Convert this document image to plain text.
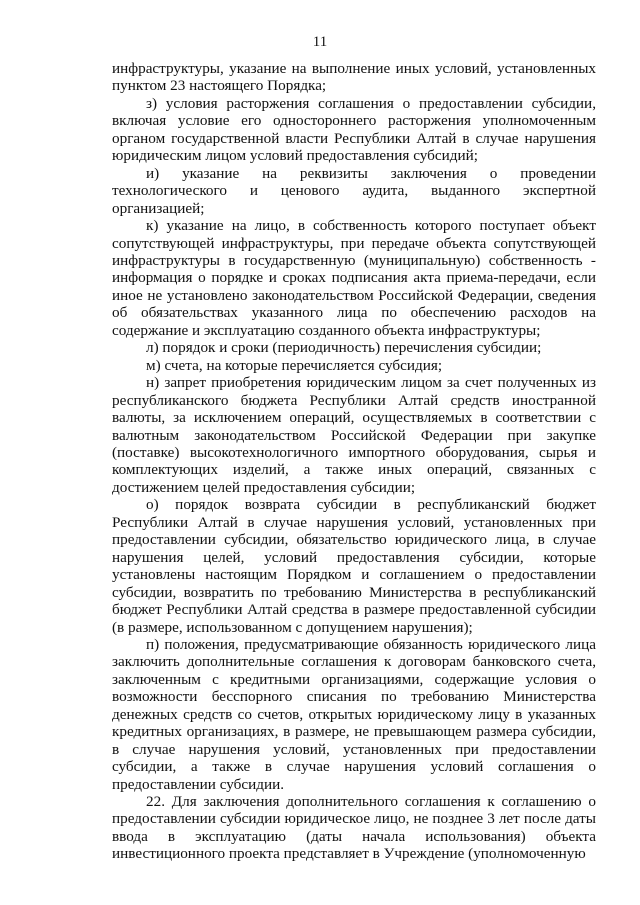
11

инфраструктуры, указание на выполнение иных условий, установленных пунктом 23 настоящего Порядка;

з) условия расторжения соглашения о предоставлении субсидии, включая условие его одностороннего расторжения уполномоченным органом государственной власти Республики Алтай в случае нарушения юридическим лицом условий предоставления субсидий;

и) указание на реквизиты заключения о проведении технологического и ценового аудита, выданного экспертной организацией;

к) указание на лицо, в собственность которого поступает объект сопутствующей инфраструктуры, при передаче объекта сопутствующей инфраструктуры в государственную (муниципальную) собственность - информация о порядке и сроках подписания акта приема-передачи, если иное не установлено законодательством Российской Федерации, сведения об обязательствах указанного лица по обеспечению расходов на содержание и эксплуатацию созданного объекта инфраструктуры;

л) порядок и сроки (периодичность) перечисления субсидии;

м) счета, на которые перечисляется субсидия;

н) запрет приобретения юридическим лицом за счет полученных из республиканского бюджета Республики Алтай средств иностранной валюты, за исключением операций, осуществляемых в соответствии с валютным законодательством Российской Федерации при закупке (поставке) высокотехнологичного импортного оборудования, сырья и комплектующих изделий, а также иных операций, связанных с достижением целей предоставления субсидии;

о) порядок возврата субсидии в республиканский бюджет Республики Алтай в случае нарушения условий, установленных при предоставлении субсидии, обязательство юридического лица, в случае нарушения целей, условий предоставления субсидии, которые установлены настоящим Порядком и соглашением о предоставлении субсидии, возвратить по требованию Министерства в республиканский бюджет Республики Алтай средства в размере предоставленной субсидии (в размере, использованном с допущением нарушения);

п) положения, предусматривающие обязанность юридического лица заключить дополнительные соглашения к договорам банковского счета, заключенным с кредитными организациями, содержащие условия о возможности бесспорного списания по требованию Министерства денежных средств со счетов, открытых юридическому лицу в указанных кредитных организациях, в размере, не превышающем размера субсидии, в случае нарушения условий, установленных при предоставлении субсидии, а также в случае нарушения условий соглашения о предоставлении субсидии.

22. Для заключения дополнительного соглашения к соглашению о предоставлении субсидии юридическое лицо, не позднее 3 лет после даты ввода в эксплуатацию (даты начала использования) объекта инвестиционного проекта представляет в Учреждение (уполномоченную
